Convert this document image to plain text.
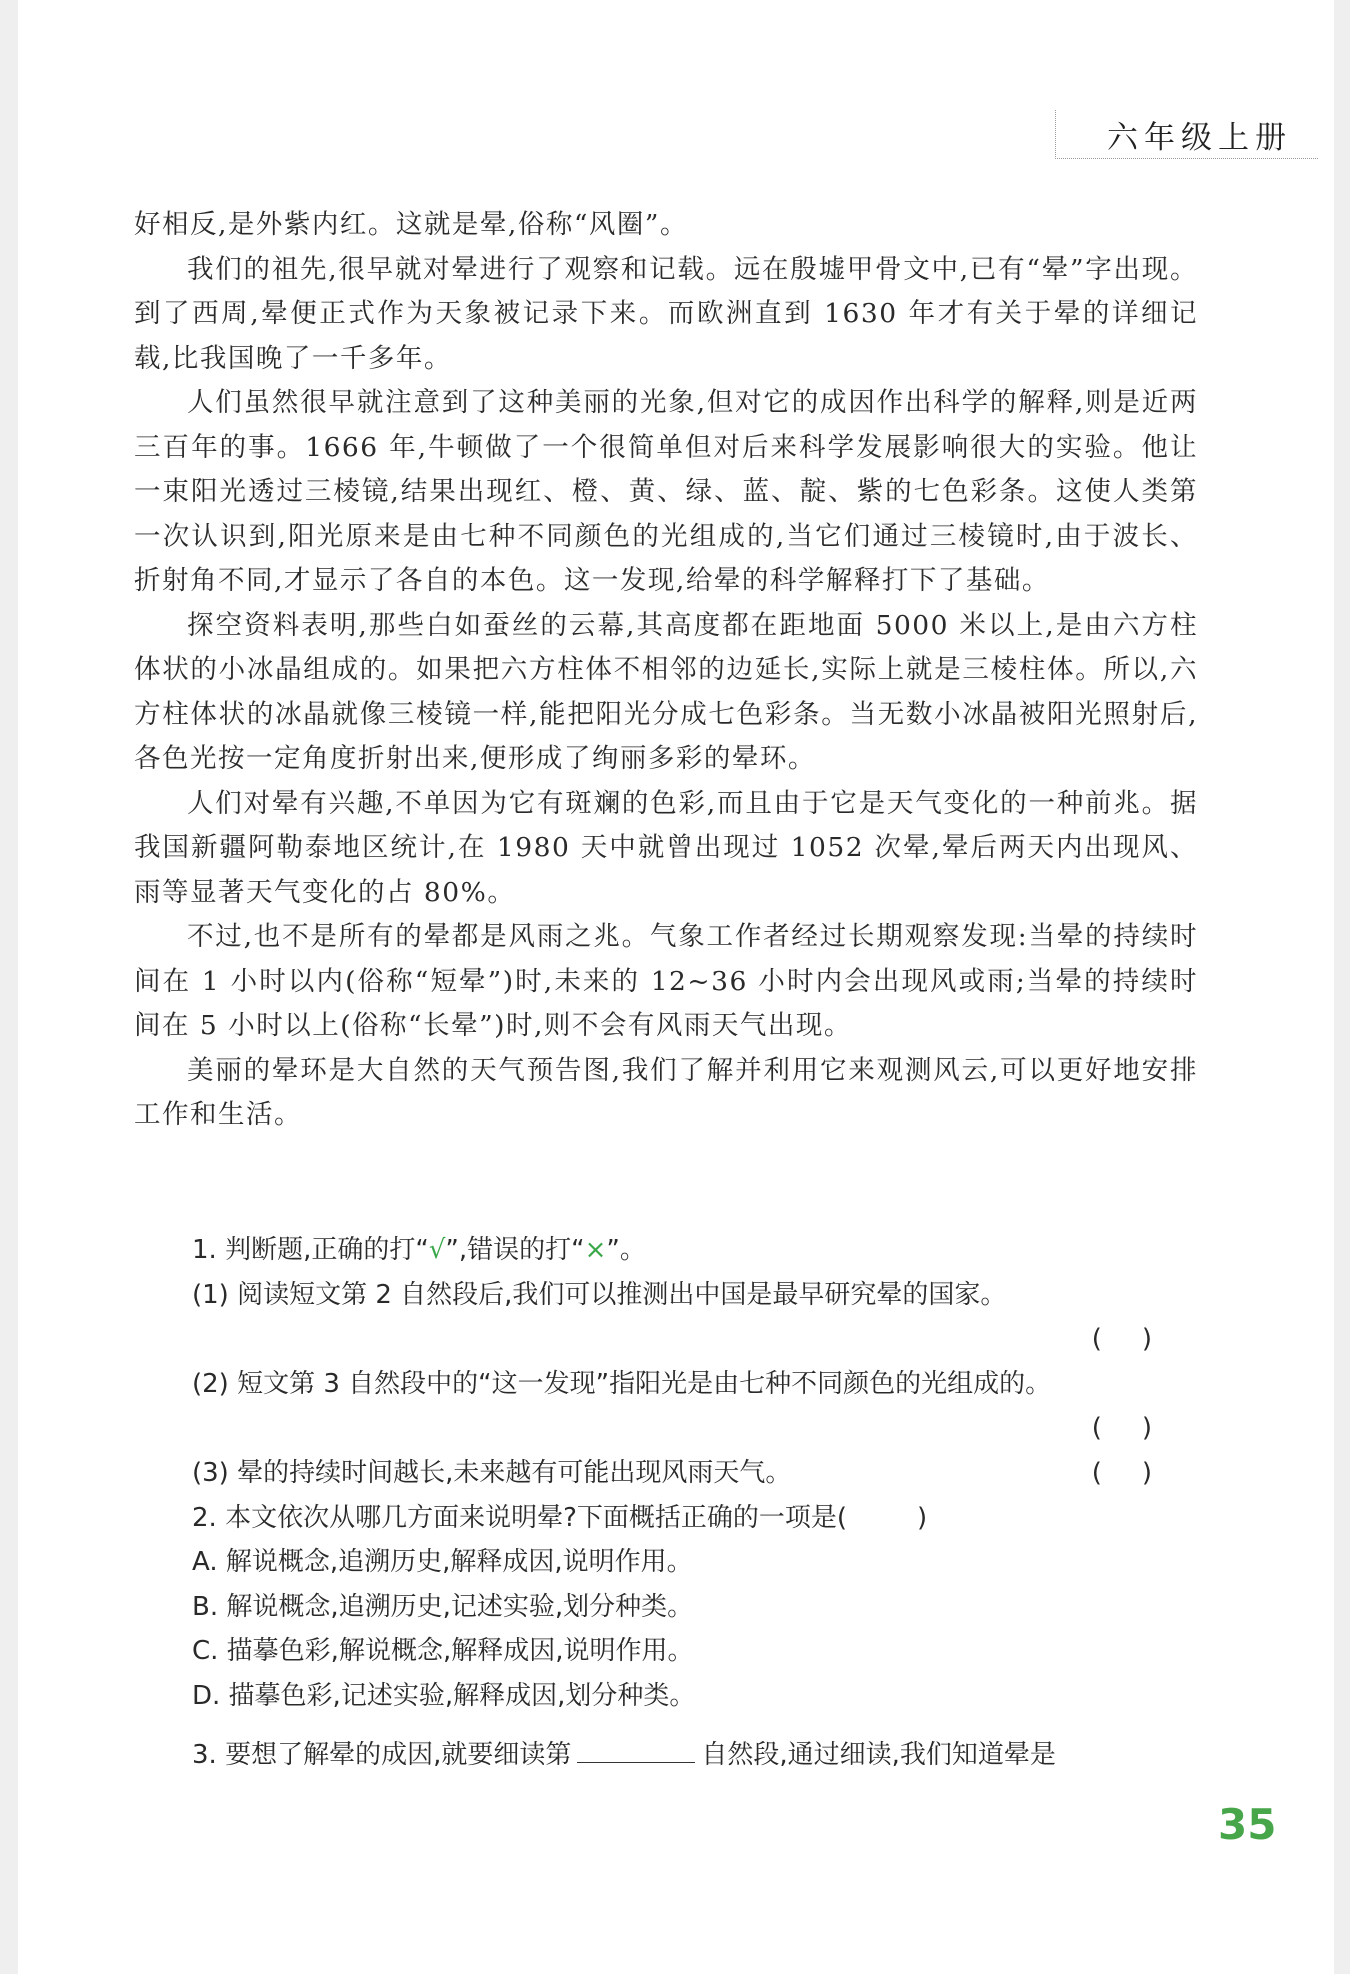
六年级上册

好相反,是外紫内红。这就是晕,俗称“风圈”。

我们的祖先,很早就对晕进行了观察和记载。远在殷墟甲骨文中,已有“晕”字出现。到了西周,晕便正式作为天象被记录下来。而欧洲直到 1630 年才有关于晕的详细记载,比我国晚了一千多年。

人们虽然很早就注意到了这种美丽的光象,但对它的成因作出科学的解释,则是近两三百年的事。1666 年,牛顿做了一个很简单但对后来科学发展影响很大的实验。他让一束阳光透过三棱镜,结果出现红、橙、黄、绿、蓝、靛、紫的七色彩条。这使人类第一次认识到,阳光原来是由七种不同颜色的光组成的,当它们通过三棱镜时,由于波长、折射角不同,才显示了各自的本色。这一发现,给晕的科学解释打下了基础。

探空资料表明,那些白如蚕丝的云幕,其高度都在距地面 5000 米以上,是由六方柱体状的小冰晶组成的。如果把六方柱体不相邻的边延长,实际上就是三棱柱体。所以,六方柱体状的冰晶就像三棱镜一样,能把阳光分成七色彩条。当无数小冰晶被阳光照射后,各色光按一定角度折射出来,便形成了绚丽多彩的晕环。

人们对晕有兴趣,不单因为它有斑斓的色彩,而且由于它是天气变化的一种前兆。据我国新疆阿勒泰地区统计,在 1980 天中就曾出现过 1052 次晕,晕后两天内出现风、雨等显著天气变化的占 80%。

不过,也不是所有的晕都是风雨之兆。气象工作者经过长期观察发现:当晕的持续时间在 1 小时以内(俗称“短晕”)时,未来的 12~36 小时内会出现风或雨;当晕的持续时间在 5 小时以上(俗称“长晕”)时,则不会有风雨天气出现。

美丽的晕环是大自然的天气预告图,我们了解并利用它来观测风云,可以更好地安排工作和生活。

1. 判断题,正确的打“√”,错误的打“×”。
(1) 阅读短文第 2 自然段后,我们可以推测出中国是最早研究晕的国家。
()
(2) 短文第 3 自然段中的“这一发现”指阳光是由七种不同颜色的光组成的。
()
(3) 晕的持续时间越长,未来越有可能出现风雨天气。	()
2. 本文依次从哪几方面来说明晕?下面概括正确的一项是(	)
A. 解说概念,追溯历史,解释成因,说明作用。
B. 解说概念,追溯历史,记述实验,划分种类。
C. 描摹色彩,解说概念,解释成因,说明作用。
D. 描摹色彩,记述实验,解释成因,划分种类。
3. 要想了解晕的成因,就要细读第	自然段,通过细读,我们知道晕是
35
